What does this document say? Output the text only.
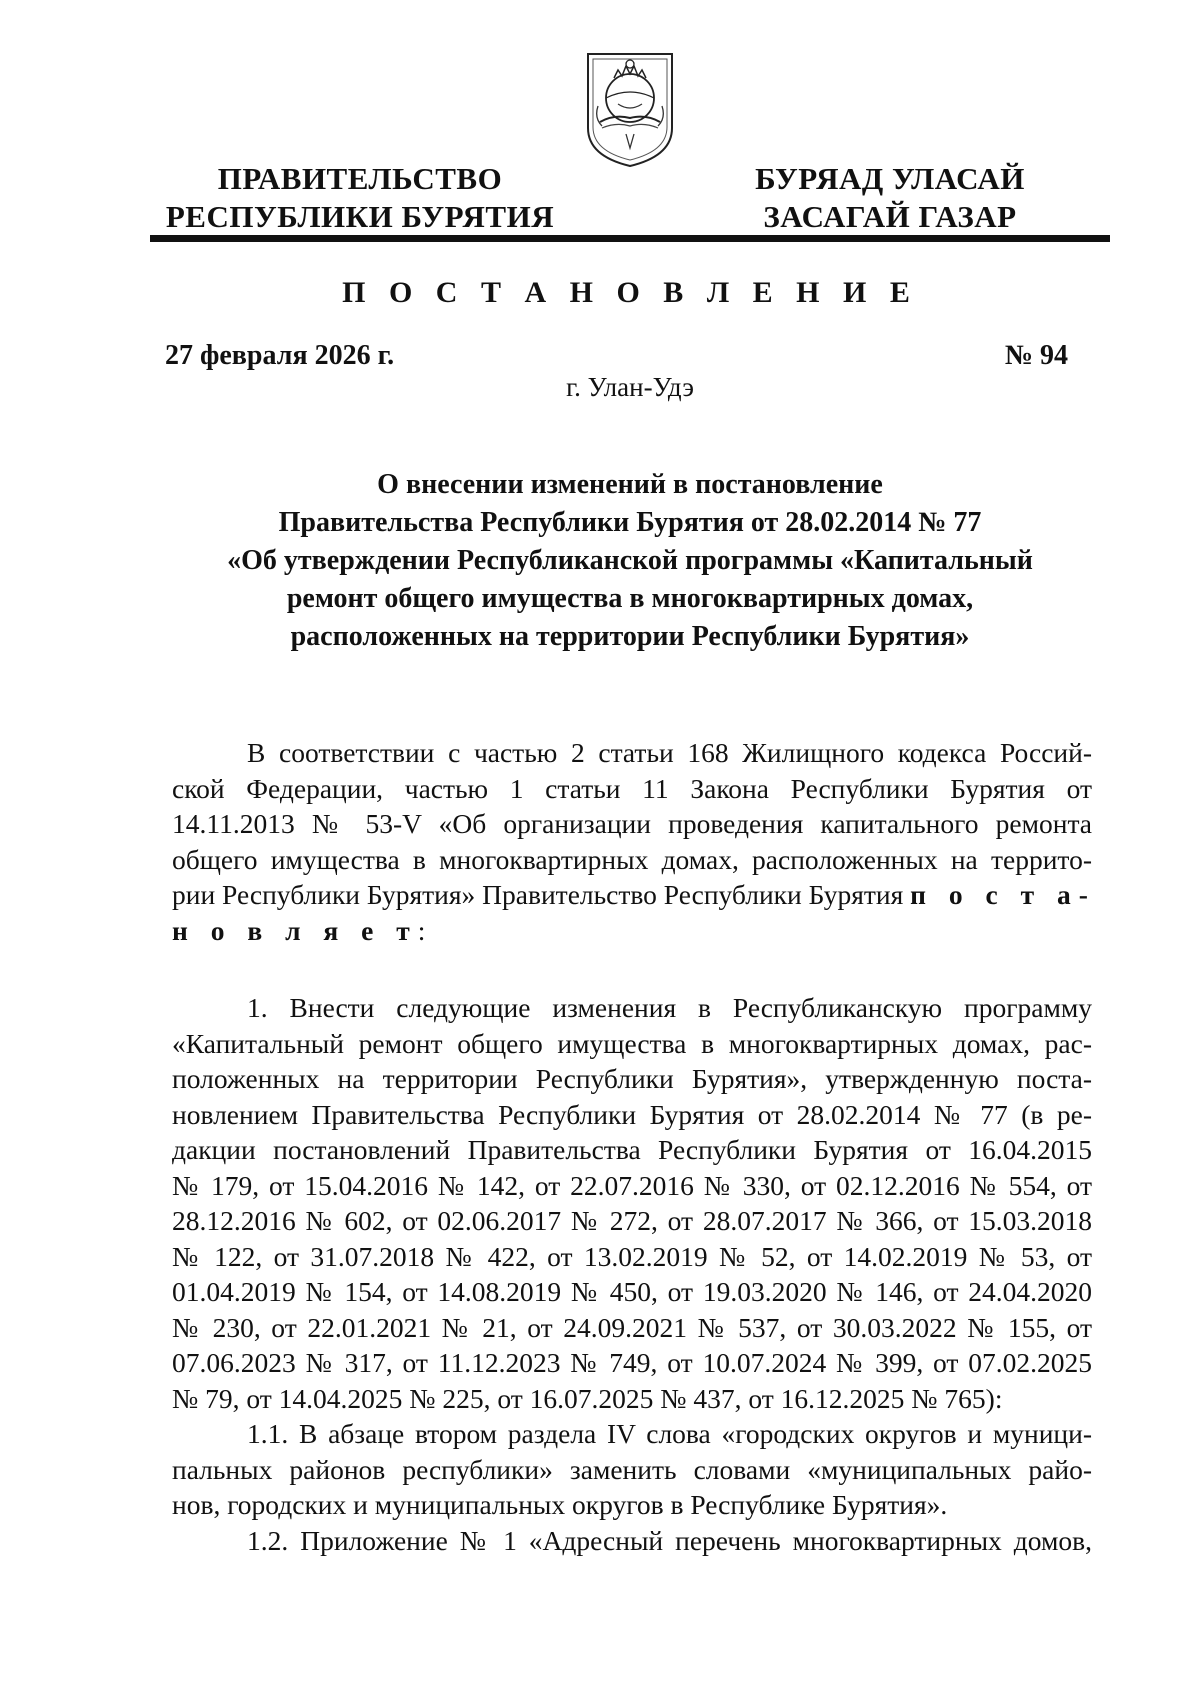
ПРАВИТЕЛЬСТВО
РЕСПУБЛИКИ БУРЯТИЯ
БУРЯАД УЛАСАЙ
ЗАСАГАЙ ГАЗАР
П О С Т А Н О В Л Е Н И Е
27 февраля 2026 г.	№ 94
г. Улан-Удэ
О внесении изменений в постановление
Правительства Республики Бурятия от 28.02.2014 № 77
«Об утверждении Республиканской программы «Капитальный
ремонт общего имущества в многоквартирных домах,
расположенных на территории Республики Бурятия»
В соответствии с частью 2 статьи 168 Жилищного кодекса Россий-
ской Федерации, частью 1 статьи 11 Закона Республики Бурятия от
14.11.2013 № 53-V «Об организации проведения капитального ремонта
общего имущества в многоквартирных домах, расположенных на террито-
рии Республики Бурятия» Правительство Республики Бурятия п о с т а-
н о в л я е т:
1. Внести следующие изменения в Республиканскую программу
«Капитальный ремонт общего имущества в многоквартирных домах, рас-
положенных на территории Республики Бурятия», утвержденную поста-
новлением Правительства Республики Бурятия от 28.02.2014 № 77 (в ре-
дакции постановлений Правительства Республики Бурятия от 16.04.2015
№ 179, от 15.04.2016 № 142, от 22.07.2016 № 330, от 02.12.2016 № 554, от
28.12.2016 № 602, от 02.06.2017 № 272, от 28.07.2017 № 366, от 15.03.2018
№ 122, от 31.07.2018 № 422, от 13.02.2019 № 52, от 14.02.2019 № 53, от
01.04.2019 № 154, от 14.08.2019 № 450, от 19.03.2020 № 146, от 24.04.2020
№ 230, от 22.01.2021 № 21, от 24.09.2021 № 537, от 30.03.2022 № 155, от
07.06.2023 № 317, от 11.12.2023 № 749, от 10.07.2024 № 399, от 07.02.2025
№ 79, от 14.04.2025 № 225, от 16.07.2025 № 437, от 16.12.2025 № 765):
1.1. В абзаце втором раздела IV слова «городских округов и муници-
пальных районов республики» заменить словами «муниципальных райо-
нов, городских и муниципальных округов в Республике Бурятия».
1.2. Приложение № 1 «Адресный перечень многоквартирных домов,
